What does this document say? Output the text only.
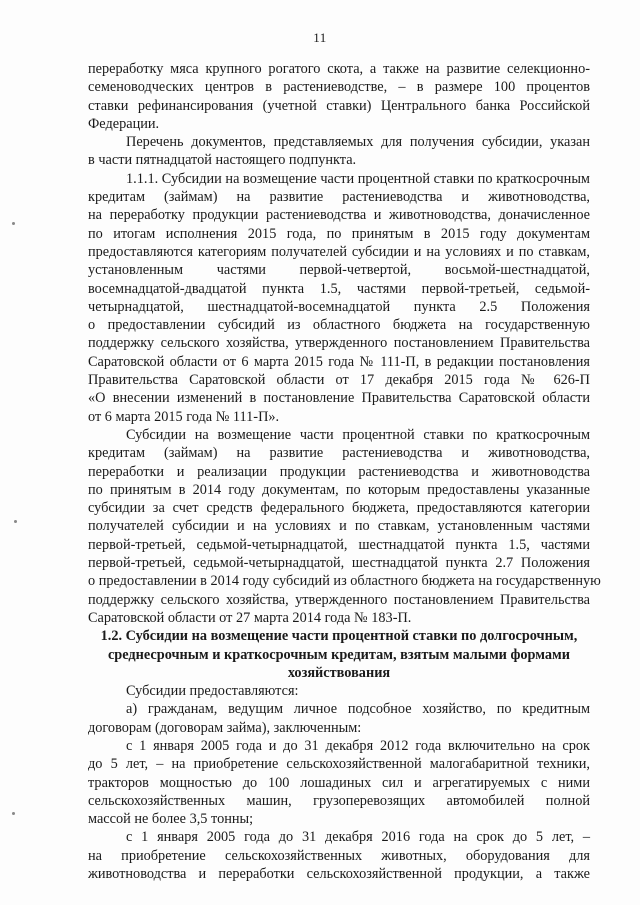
11
переработку мяса крупного рогатого скота, а также на развитие селекционно-
семеноводческих центров в растениеводстве, – в размере 100 процентов
ставки рефинансирования (учетной ставки) Центрального банка Российской
Федерации.
Перечень документов, представляемых для получения субсидии, указан
в части пятнадцатой настоящего подпункта.
1.1.1. Субсидии на возмещение части процентной ставки по краткосрочным
кредитам (займам) на развитие растениеводства и животноводства,
на переработку продукции растениеводства и животноводства, доначисленное
по итогам исполнения 2015 года, по принятым в 2015 году документам
предоставляются категориям получателей субсидии и на условиях и по ставкам,
установленным частями первой-четвертой, восьмой-шестнадцатой,
восемнадцатой-двадцатой пункта 1.5, частями первой-третьей, седьмой-
четырнадцатой, шестнадцатой-восемнадцатой пункта 2.5 Положения
о предоставлении субсидий из областного бюджета на государственную
поддержку сельского хозяйства, утвержденного постановлением Правительства
Саратовской области от 6 марта 2015 года № 111-П, в редакции постановления
Правительства Саратовской области от 17 декабря 2015 года № 626-П
«О внесении изменений в постановление Правительства Саратовской области
от 6 марта 2015 года № 111-П».
Субсидии на возмещение части процентной ставки по краткосрочным
кредитам (займам) на развитие растениеводства и животноводства,
переработки и реализации продукции растениеводства и животноводства
по принятым в 2014 году документам, по которым предоставлены указанные
субсидии за счет средств федерального бюджета, предоставляются категории
получателей субсидии и на условиях и по ставкам, установленным частями
первой-третьей, седьмой-четырнадцатой, шестнадцатой пункта 1.5, частями
первой-третьей, седьмой-четырнадцатой, шестнадцатой пункта 2.7 Положения
о предоставлении в 2014 году субсидий из областного бюджета на государственную
поддержку сельского хозяйства, утвержденного постановлением Правительства
Саратовской области от 27 марта 2014 года № 183-П.
1.2. Субсидии на возмещение части процентной ставки по долгосрочным,
среднесрочным и краткосрочным кредитам, взятым малыми формами
хозяйствования
Субсидии предоставляются:
а) гражданам, ведущим личное подсобное хозяйство, по кредитным
договорам (договорам займа), заключенным:
с 1 января 2005 года и до 31 декабря 2012 года включительно на срок
до 5 лет, – на приобретение сельскохозяйственной малогабаритной техники,
тракторов мощностью до 100 лошадиных сил и агрегатируемых с ними
сельскохозяйственных машин, грузоперевозящих автомобилей полной
массой не более 3,5 тонны;
с 1 января 2005 года до 31 декабря 2016 года на срок до 5 лет, –
на приобретение сельскохозяйственных животных, оборудования для
животноводства и переработки сельскохозяйственной продукции, а также
